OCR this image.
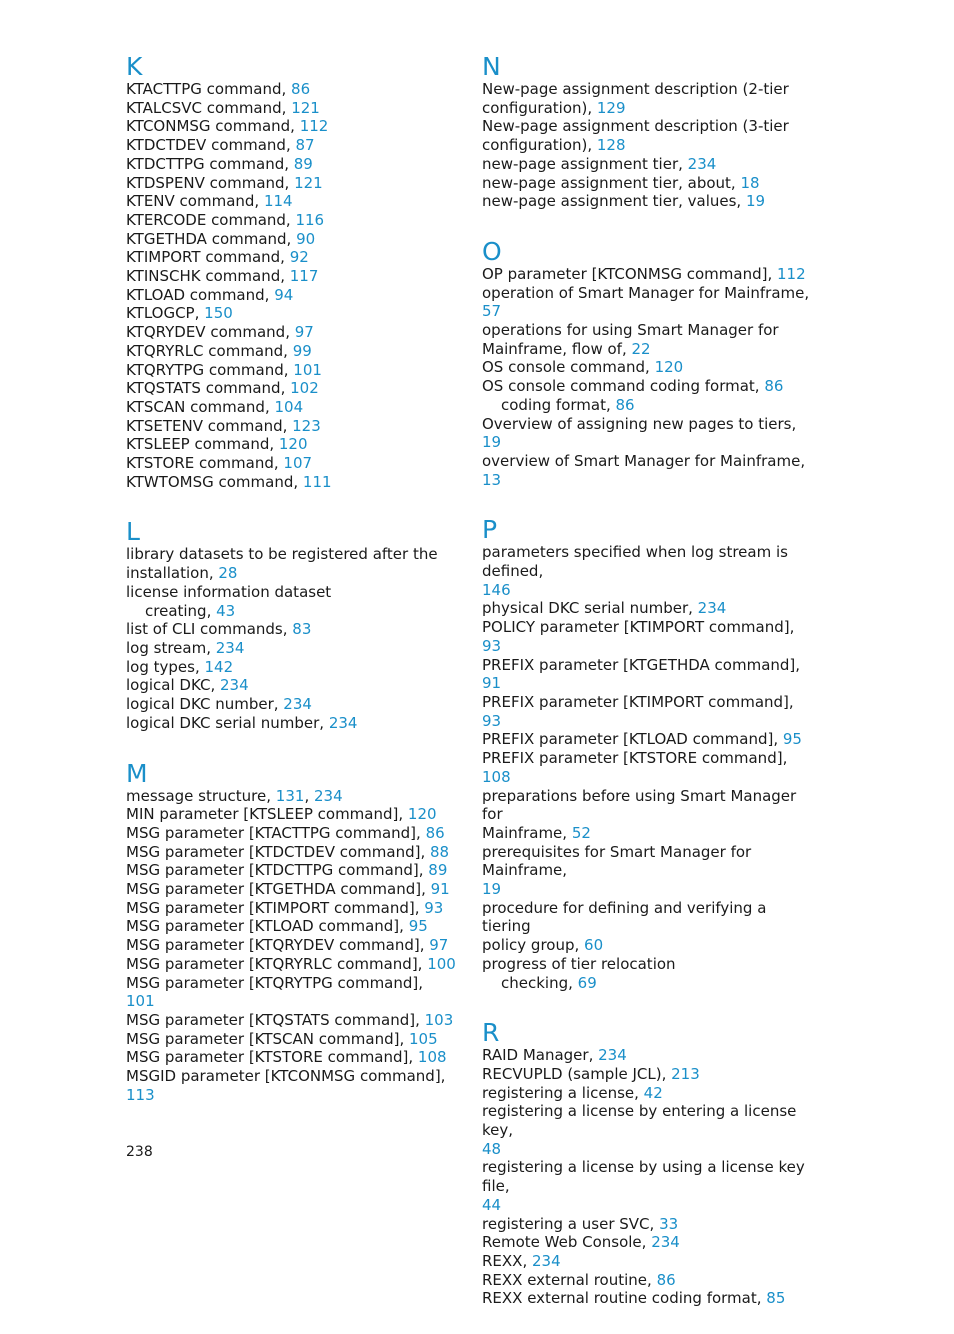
K
KTACTTPG command, 86
KTALCSVC command, 121
KTCONMSG command, 112
KTDCTDEV command, 87
KTDCTTPG command, 89
KTDSPENV command, 121
KTENV command, 114
KTERCODE command, 116
KTGETHDA command, 90
KTIMPORT command, 92
KTINSCHK command, 117
KTLOAD command, 94
KTLOGCP, 150
KTQRYDEV command, 97
KTQRYRLC command, 99
KTQRYTPG command, 101
KTQSTATS command, 102
KTSCAN command, 104
KTSETENV command, 123
KTSLEEP command, 120
KTSTORE command, 107
KTWTOMSG command, 111
L
library datasets to be registered after the
installation, 28
license information dataset
creating, 43
list of CLI commands, 83
log stream, 234
log types, 142
logical DKC, 234
logical DKC number, 234
logical DKC serial number, 234
M
message structure, 131, 234
MIN parameter [KTSLEEP command], 120
MSG parameter [KTACTTPG command], 86
MSG parameter [KTDCTDEV command], 88
MSG parameter [KTDCTTPG command], 89
MSG parameter [KTGETHDA command], 91
MSG parameter [KTIMPORT command], 93
MSG parameter [KTLOAD command], 95
MSG parameter [KTQRYDEV command], 97
MSG parameter [KTQRYRLC command], 100
MSG parameter [KTQRYTPG command], 101
MSG parameter [KTQSTATS command], 103
MSG parameter [KTSCAN command], 105
MSG parameter [KTSTORE command], 108
MSGID parameter [KTCONMSG command],
113
N
New-page assignment description (2-tier
configuration), 129
New-page assignment description (3-tier
configuration), 128
new-page assignment tier, 234
new-page assignment tier, about, 18
new-page assignment tier, values, 19
O
OP parameter [KTCONMSG command], 112
operation of Smart Manager for Mainframe, 57
operations for using Smart Manager for
Mainframe, flow of, 22
OS console command, 120
OS console command coding format, 86
coding format, 86
Overview of assigning new pages to tiers, 19
overview of Smart Manager for Mainframe, 13
P
parameters specified when log stream is defined,
146
physical DKC serial number, 234
POLICY parameter [KTIMPORT command], 93
PREFIX parameter [KTGETHDA command], 91
PREFIX parameter [KTIMPORT command], 93
PREFIX parameter [KTLOAD command], 95
PREFIX parameter [KTSTORE command], 108
preparations before using Smart Manager for
Mainframe, 52
prerequisites for Smart Manager for Mainframe,
19
procedure for defining and verifying a tiering
policy group, 60
progress of tier relocation
checking, 69
R
RAID Manager, 234
RECVUPLD (sample JCL), 213
registering a license, 42
registering a license by entering a license key,
48
registering a license by using a license key file,
44
registering a user SVC, 33
Remote Web Console, 234
REXX, 234
REXX external routine, 86
REXX external routine coding format, 85
238
